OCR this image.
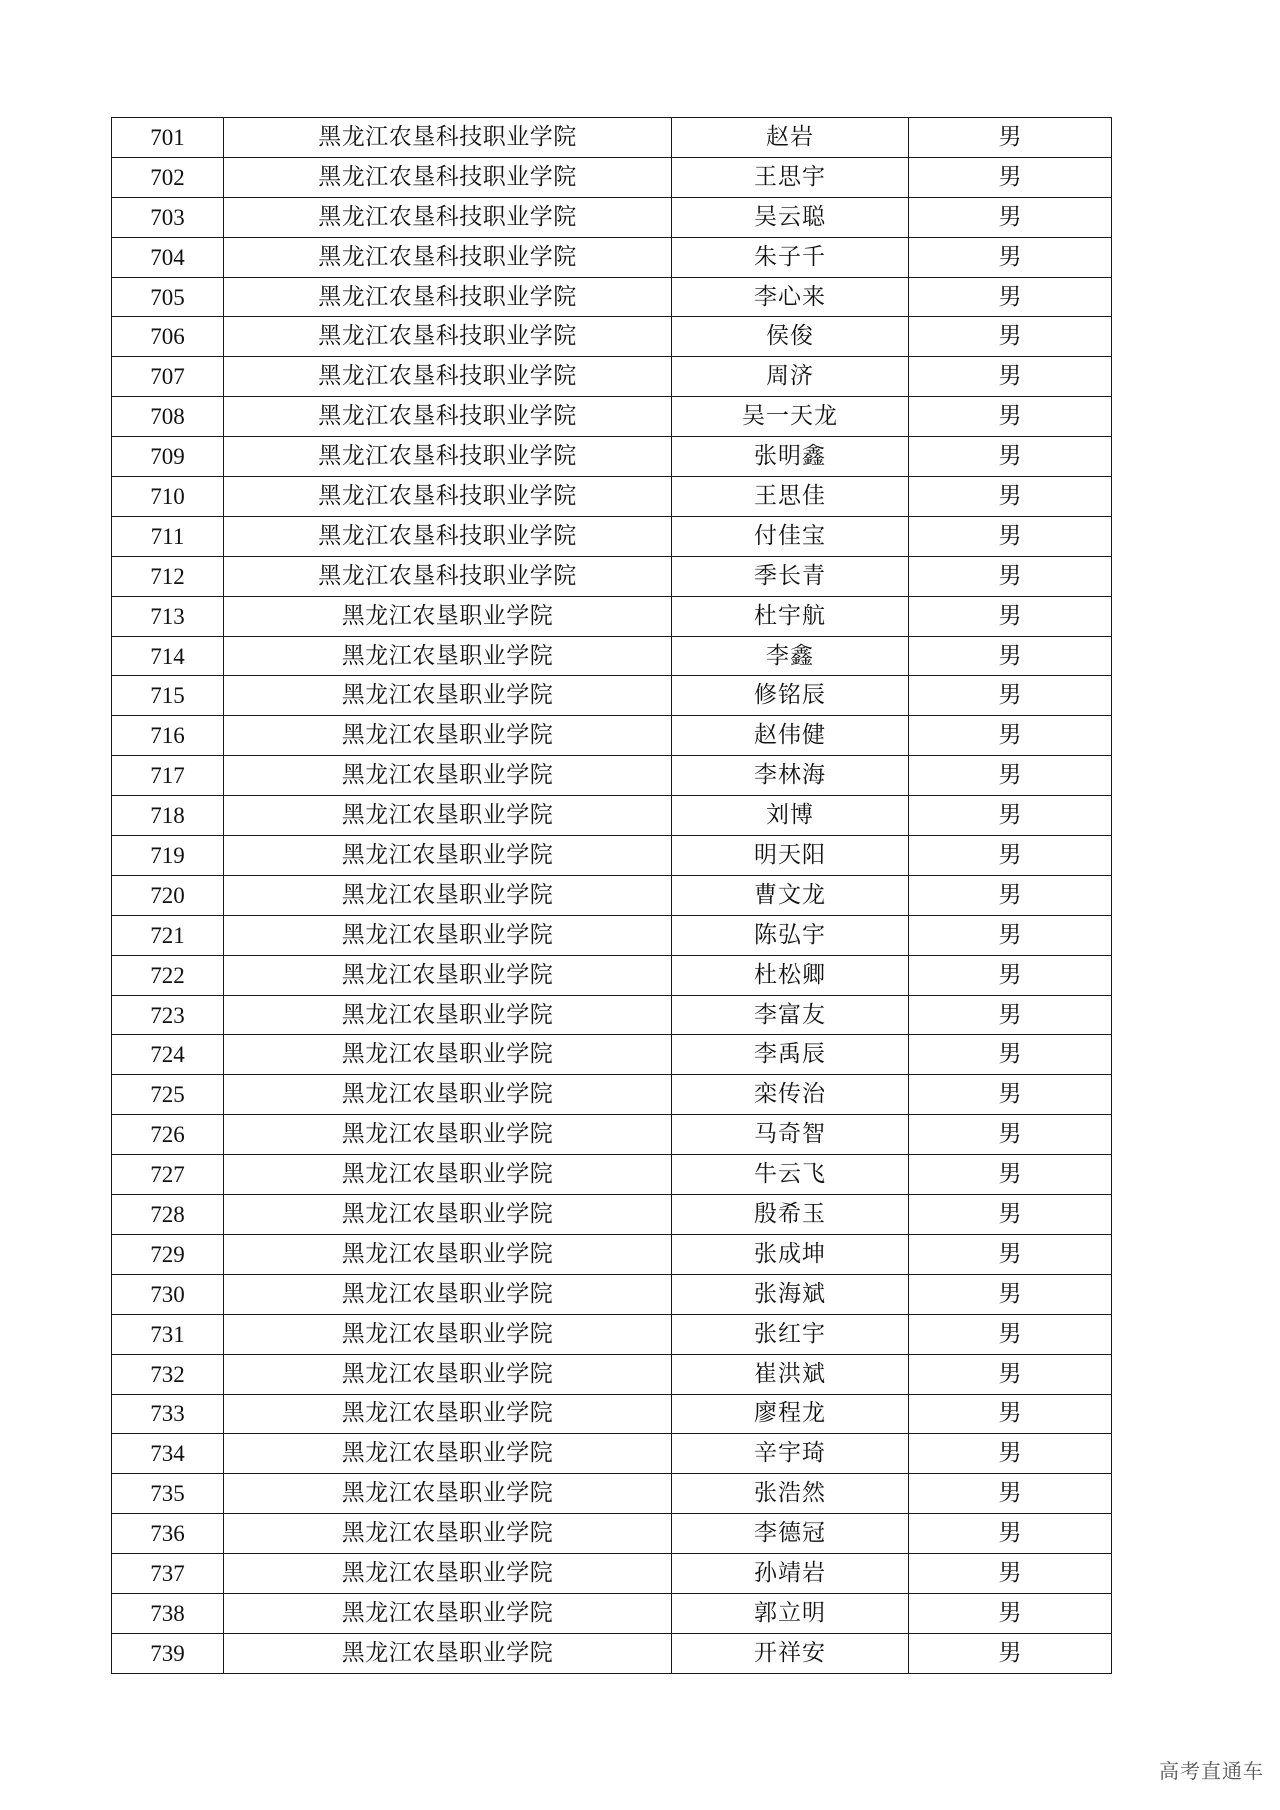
701	黑龙江农垦科技职业学院	赵岩	男
702	黑龙江农垦科技职业学院	王思宇	男
703	黑龙江农垦科技职业学院	吴云聪	男
704	黑龙江农垦科技职业学院	朱子千	男
705	黑龙江农垦科技职业学院	李心来	男
706	黑龙江农垦科技职业学院	侯俊	男
707	黑龙江农垦科技职业学院	周济	男
708	黑龙江农垦科技职业学院	吴一天龙	男
709	黑龙江农垦科技职业学院	张明鑫	男
710	黑龙江农垦科技职业学院	王思佳	男
711	黑龙江农垦科技职业学院	付佳宝	男
712	黑龙江农垦科技职业学院	季长青	男
713	黑龙江农垦职业学院	杜宇航	男
714	黑龙江农垦职业学院	李鑫	男
715	黑龙江农垦职业学院	修铭辰	男
716	黑龙江农垦职业学院	赵伟健	男
717	黑龙江农垦职业学院	李林海	男
718	黑龙江农垦职业学院	刘博	男
719	黑龙江农垦职业学院	明天阳	男
720	黑龙江农垦职业学院	曹文龙	男
721	黑龙江农垦职业学院	陈弘宇	男
722	黑龙江农垦职业学院	杜松卿	男
723	黑龙江农垦职业学院	李富友	男
724	黑龙江农垦职业学院	李禹辰	男
725	黑龙江农垦职业学院	栾传治	男
726	黑龙江农垦职业学院	马奇智	男
727	黑龙江农垦职业学院	牛云飞	男
728	黑龙江农垦职业学院	殷希玉	男
729	黑龙江农垦职业学院	张成坤	男
730	黑龙江农垦职业学院	张海斌	男
731	黑龙江农垦职业学院	张红宇	男
732	黑龙江农垦职业学院	崔洪斌	男
733	黑龙江农垦职业学院	廖程龙	男
734	黑龙江农垦职业学院	辛宇琦	男
735	黑龙江农垦职业学院	张浩然	男
736	黑龙江农垦职业学院	李德冠	男
737	黑龙江农垦职业学院	孙靖岩	男
738	黑龙江农垦职业学院	郭立明	男
739	黑龙江农垦职业学院	开祥安	男
高考直通车
